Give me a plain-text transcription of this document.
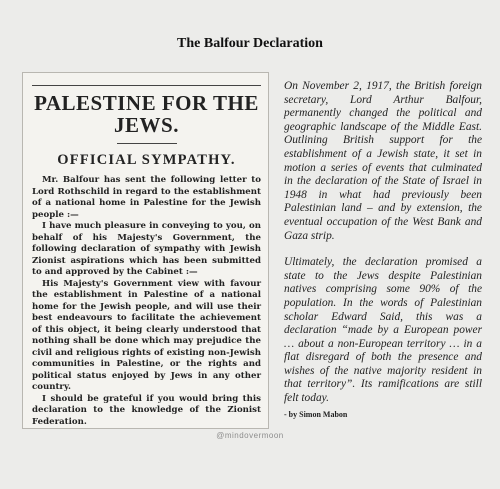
The Balfour Declaration
PALESTINE FOR THE JEWS.
OFFICIAL SYMPATHY.

Mr. Balfour has sent the following letter to Lord Rothschild in regard to the establishment of a national home in Palestine for the Jewish people :—

I have much pleasure in conveying to you, on behalf of his Majesty's Government, the following declaration of sympathy with Jewish Zionist aspirations which has been submitted to and approved by the Cabinet :—

His Majesty's Government view with favour the establishment in Palestine of a national home for the Jewish people, and will use their best endeavours to facilitate the achievement of this object, it being clearly understood that nothing shall be done which may prejudice the civil and religious rights of existing non-Jewish communities in Palestine, or the rights and political status enjoyed by Jews in any other country.

I should be grateful if you would bring this declaration to the knowledge of the Zionist Federation.

On November 2, 1917, the British foreign secretary, Lord Arthur Balfour, permanently changed the political and geographic landscape of the Middle East. Outlining British support for the establishment of a Jewish state, it set in motion a series of events that culminated in the declaration of the State of Israel in 1948 in what had previously been Palestinian land – and by extension, the eventual occupation of the West Bank and Gaza strip.

Ultimately, the declaration promised a state to the Jews despite Palestinian natives comprising some 90% of the population. In the words of Palestinian scholar Edward Said, this was a declaration “made by a European power … about a non-European territory … in a flat disregard of both the presence and wishes of the native majority resident in that territory”. Its ramifications are still felt today.

- by Simon Mabon
@mindovermoon
